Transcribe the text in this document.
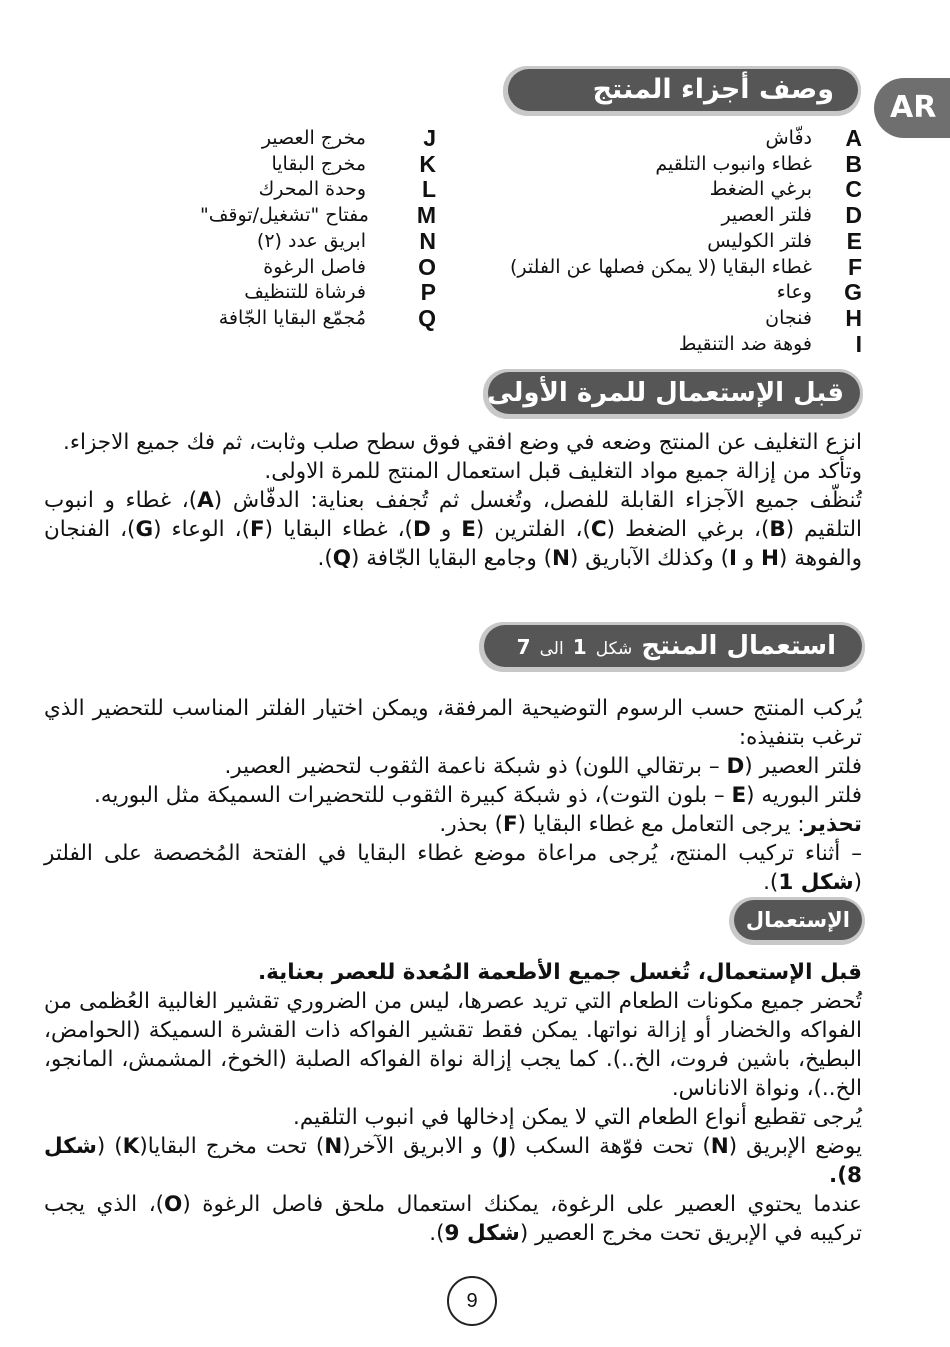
AR
وصف أجزاء المنتج
A
دفّاش
B
غطاء وانبوب التلقيم
C
برغي الضغط
D
فلتر العصير
E
فلتر الكوليس
F
غطاء البقايا (لا يمكن فصلها عن الفلتر)
G
وعاء
H
فنجان
I
فوهة ضد التنقيط
J
مخرج العصير
K
مخرج البقايا
L
وحدة المحرك
M
مفتاح "تشغيل/توقف"
N
ابريق عدد (٢)
O
فاصل الرغوة
P
فرشاة للتنظيف
Q
مُجمّع البقايا الجّافة
قبل الإستعمال للمرة الأولى

انزع التغليف عن المنتج وضعه في وضع افقي فوق سطح صلب وثابت، ثم فك جميع الاجزاء.

وتأكد من إزالة جميع مواد التغليف قبل استعمال المنتج للمرة الاولى.

تُنظّف جميع الآجزاء القابلة للفصل، وتُغسل ثم تُجفف بعناية: الدفّاش (A)، غطاء و انبوب التلقيم (B)، برغي الضغط (C)، الفلترين (E و D)، غطاء البقايا (F)، الوعاء (G)، الفنجان والفوهة (H و I) وكذلك الآباريق (N) وجامع البقايا الجّافة (Q).

استعمال المنتج شكل 1 الى 7

يُركب المنتج حسب الرسوم التوضيحية المرفقة، ويمكن اختيار الفلتر المناسب للتحضير الذي ترغب بتنفيذه:

فلتر العصير (D – برتقالي اللون) ذو شبكة ناعمة الثقوب لتحضير العصير.

فلتر البوريه (E – بلون التوت)، ذو شبكة كبيرة الثقوب للتحضيرات السميكة مثل البوريه.

تحذير: يرجى التعامل مع غطاء البقايا (F) بحذر.

– أثناء تركيب المنتج، يُرجى مراعاة موضع غطاء البقايا في الفتحة المُخصصة على الفلتر (شكل 1).

الإستعمال

قبل الإستعمال، تُغسل جميع الأطعمة المُعدة للعصر بعناية.

تُحضر جميع مكونات الطعام التي تريد عصرها، ليس من الضروري تقشير الغالبية العُظمى من الفواكه والخضار أو إزالة نواتها. يمكن فقط تقشير الفواكه ذات القشرة السميكة (الحوامض، البطيخ، باشين فروت، الخ..). كما يجب إزالة نواة الفواكه الصلبة (الخوخ، المشمش، المانجو، الخ..)، ونواة الاناناس.

يُرجى تقطيع أنواع الطعام التي لا يمكن إدخالها في انبوب التلقيم.

يوضع الإبريق (N) تحت فوّهة السكب (J) و الابريق الآخر(N) تحت مخرج البقايا(K) (شكل 8).

عندما يحتوي العصير على الرغوة، يمكنك استعمال ملحق فاصل الرغوة (O)، الذي يجب تركيبه في الإبريق تحت مخرج العصير (شكل 9).

9
